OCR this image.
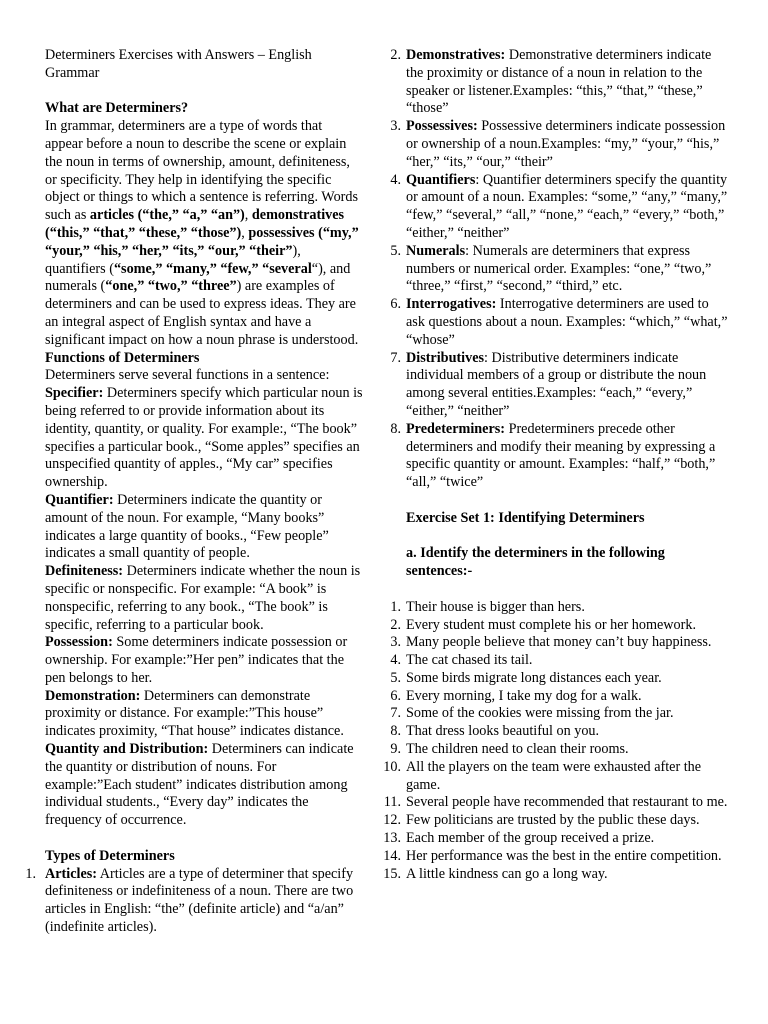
Determiners Exercises with Answers – English Grammar

What are Determiners?

In grammar, determiners are a type of words that appear before a noun to describe the scene or explain the noun in terms of ownership, amount, definiteness, or specificity. They help in identifying the specific object or things to which a sentence is referring. Words such as articles (“the,” “a,” “an”), demonstratives (“this,” “that,” “these,” “those”), possessives (“my,” “your,” “his,” “her,” “its,” “our,” “their”), quantifiers (“some,” “many,” “few,” “several“), and numerals (“one,” “two,” “three”) are examples of determiners and can be used to express ideas. They are an integral aspect of English syntax and have a significant impact on how a noun phrase is understood.

Functions of Determiners

Determiners serve several functions in a sentence:

Specifier: Determiners specify which particular noun is being referred to or provide information about its identity, quantity, or quality. For example:, “The book” specifies a particular book., “Some apples” specifies an unspecified quantity of apples., “My car” specifies ownership.

Quantifier: Determiners indicate the quantity or amount of the noun. For example, “Many books” indicates a large quantity of books., “Few people” indicates a small quantity of people.

Definiteness: Determiners indicate whether the noun is specific or nonspecific. For example: “A book” is nonspecific, referring to any book., “The book” is specific, referring to a particular book.

Possession: Some determiners indicate possession or ownership. For example:”Her pen” indicates that the pen belongs to her.

Demonstration: Determiners can demonstrate proximity or distance. For example:”This house” indicates proximity, “That house” indicates distance.

Quantity and Distribution: Determiners can indicate the quantity or distribution of nouns. For example:”Each student” indicates distribution among individual students., “Every day” indicates the frequency of occurrence.

Types of Determiners

1. Articles: Articles are a type of determiner that specify definiteness or indefiniteness of a noun. There are two articles in English: “the” (definite article) and “a/an” (indefinite articles).
2. Demonstratives: Demonstrative determiners indicate the proximity or distance of a noun in relation to the speaker or listener.Examples: “this,” “that,” “these,” “those”
3. Possessives: Possessive determiners indicate possession or ownership of a noun.Examples: “my,” “your,” “his,” “her,” “its,” “our,” “their”
4. Quantifiers: Quantifier determiners specify the quantity or amount of a noun. Examples: “some,” “any,” “many,” “few,” “several,” “all,” “none,” “each,” “every,” “both,” “either,” “neither”
5. Numerals: Numerals are determiners that express numbers or numerical order. Examples: “one,” “two,” “three,” “first,” “second,” “third,” etc.
6. Interrogatives: Interrogative determiners are used to ask questions about a noun. Examples: “which,” “what,” “whose”
7. Distributives: Distributive determiners indicate individual members of a group or distribute the noun among several entities.Examples: “each,” “every,” “either,” “neither”
8. Predeterminers: Predeterminers precede other determiners and modify their meaning by expressing a specific quantity or amount. Examples: “half,” “both,” “all,” “twice”

Exercise Set 1: Identifying Determiners

a. Identify the determiners in the following sentences:-

1. Their house is bigger than hers.
2. Every student must complete his or her homework.
3. Many people believe that money can’t buy happiness.
4. The cat chased its tail.
5. Some birds migrate long distances each year.
6. Every morning, I take my dog for a walk.
7. Some of the cookies were missing from the jar.
8. That dress looks beautiful on you.
9. The children need to clean their rooms.
10. All the players on the team were exhausted after the game.
11. Several people have recommended that restaurant to me.
12. Few politicians are trusted by the public these days.
13. Each member of the group received a prize.
14. Her performance was the best in the entire competition.
15. A little kindness can go a long way.
